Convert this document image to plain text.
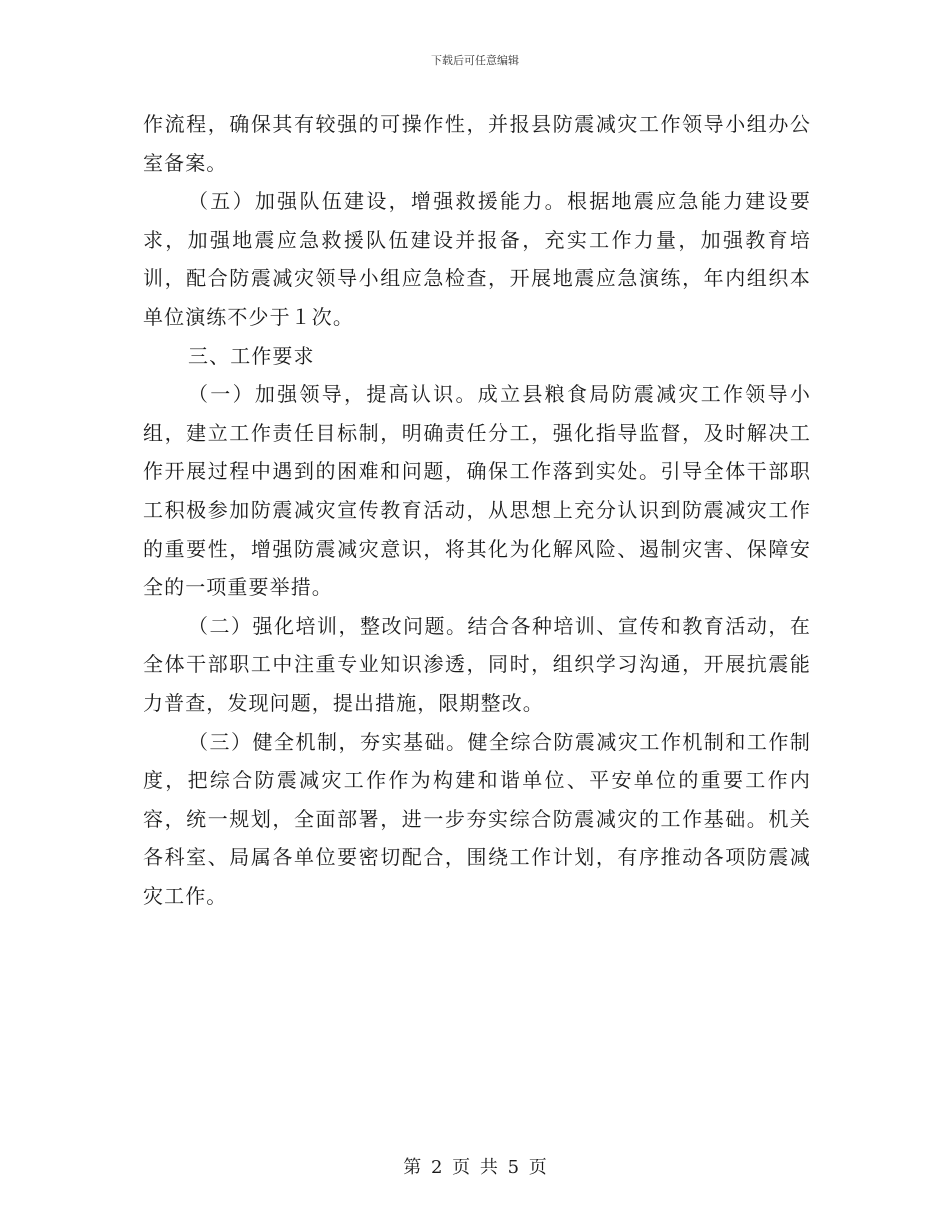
下载后可任意编辑

作流程，确保其有较强的可操作性，并报县防震减灾工作领导小组办公室备案。

（五）加强队伍建设，增强救援能力。根据地震应急能力建设要求，加强地震应急救援队伍建设并报备，充实工作力量，加强教育培训，配合防震减灾领导小组应急检查，开展地震应急演练，年内组织本单位演练不少于１次。

三、工作要求

（一）加强领导，提高认识。成立县粮食局防震减灾工作领导小组，建立工作责任目标制，明确责任分工，强化指导监督，及时解决工作开展过程中遇到的困难和问题，确保工作落到实处。引导全体干部职工积极参加防震减灾宣传教育活动，从思想上充分认识到防震减灾工作的重要性，增强防震减灾意识，将其化为化解风险、遏制灾害、保障安全的一项重要举措。

（二）强化培训，整改问题。结合各种培训、宣传和教育活动，在全体干部职工中注重专业知识渗透，同时，组织学习沟通，开展抗震能力普查，发现问题，提出措施，限期整改。

（三）健全机制，夯实基础。健全综合防震减灾工作机制和工作制度，把综合防震减灾工作作为构建和谐单位、平安单位的重要工作内容，统一规划，全面部署，进一步夯实综合防震减灾的工作基础。机关各科室、局属各单位要密切配合，围绕工作计划，有序推动各项防震减灾工作。

第 2 页 共 5 页
